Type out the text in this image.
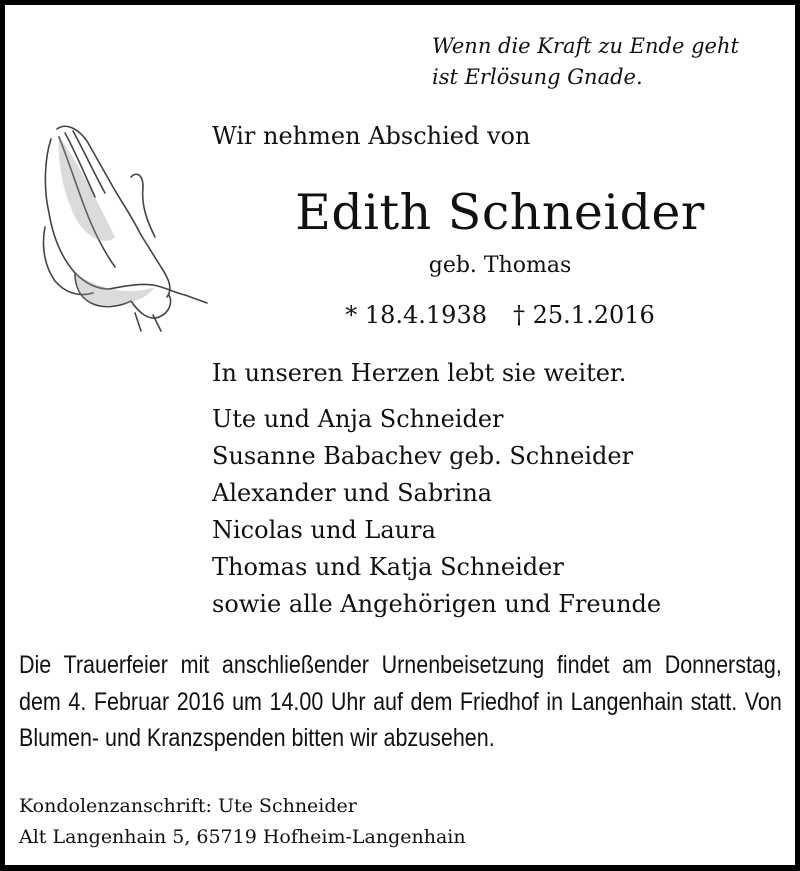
Wenn die Kraft zu Ende geht
ist Erlösung Gnade.
Wir nehmen Abschied von
Edith Schneider
geb. Thomas
* 18.4.1938 † 25.1.2016
In unseren Herzen lebt sie weiter.
Ute und Anja Schneider
Susanne Babachev geb. Schneider
Alexander und Sabrina
Nicolas und Laura
Thomas und Katja Schneider
sowie alle Angehörigen und Freunde
Die Trauerfeier mit anschließender Urnenbeisetzung findet am Donnerstag, dem 4. Februar 2016 um 14.00 Uhr auf dem Friedhof in Langenhain statt. Von Blumen- und Kranzspenden bitten wir abzusehen.
Kondolenzanschrift: Ute Schneider
Alt Langenhain 5, 65719 Hofheim-Langenhain
